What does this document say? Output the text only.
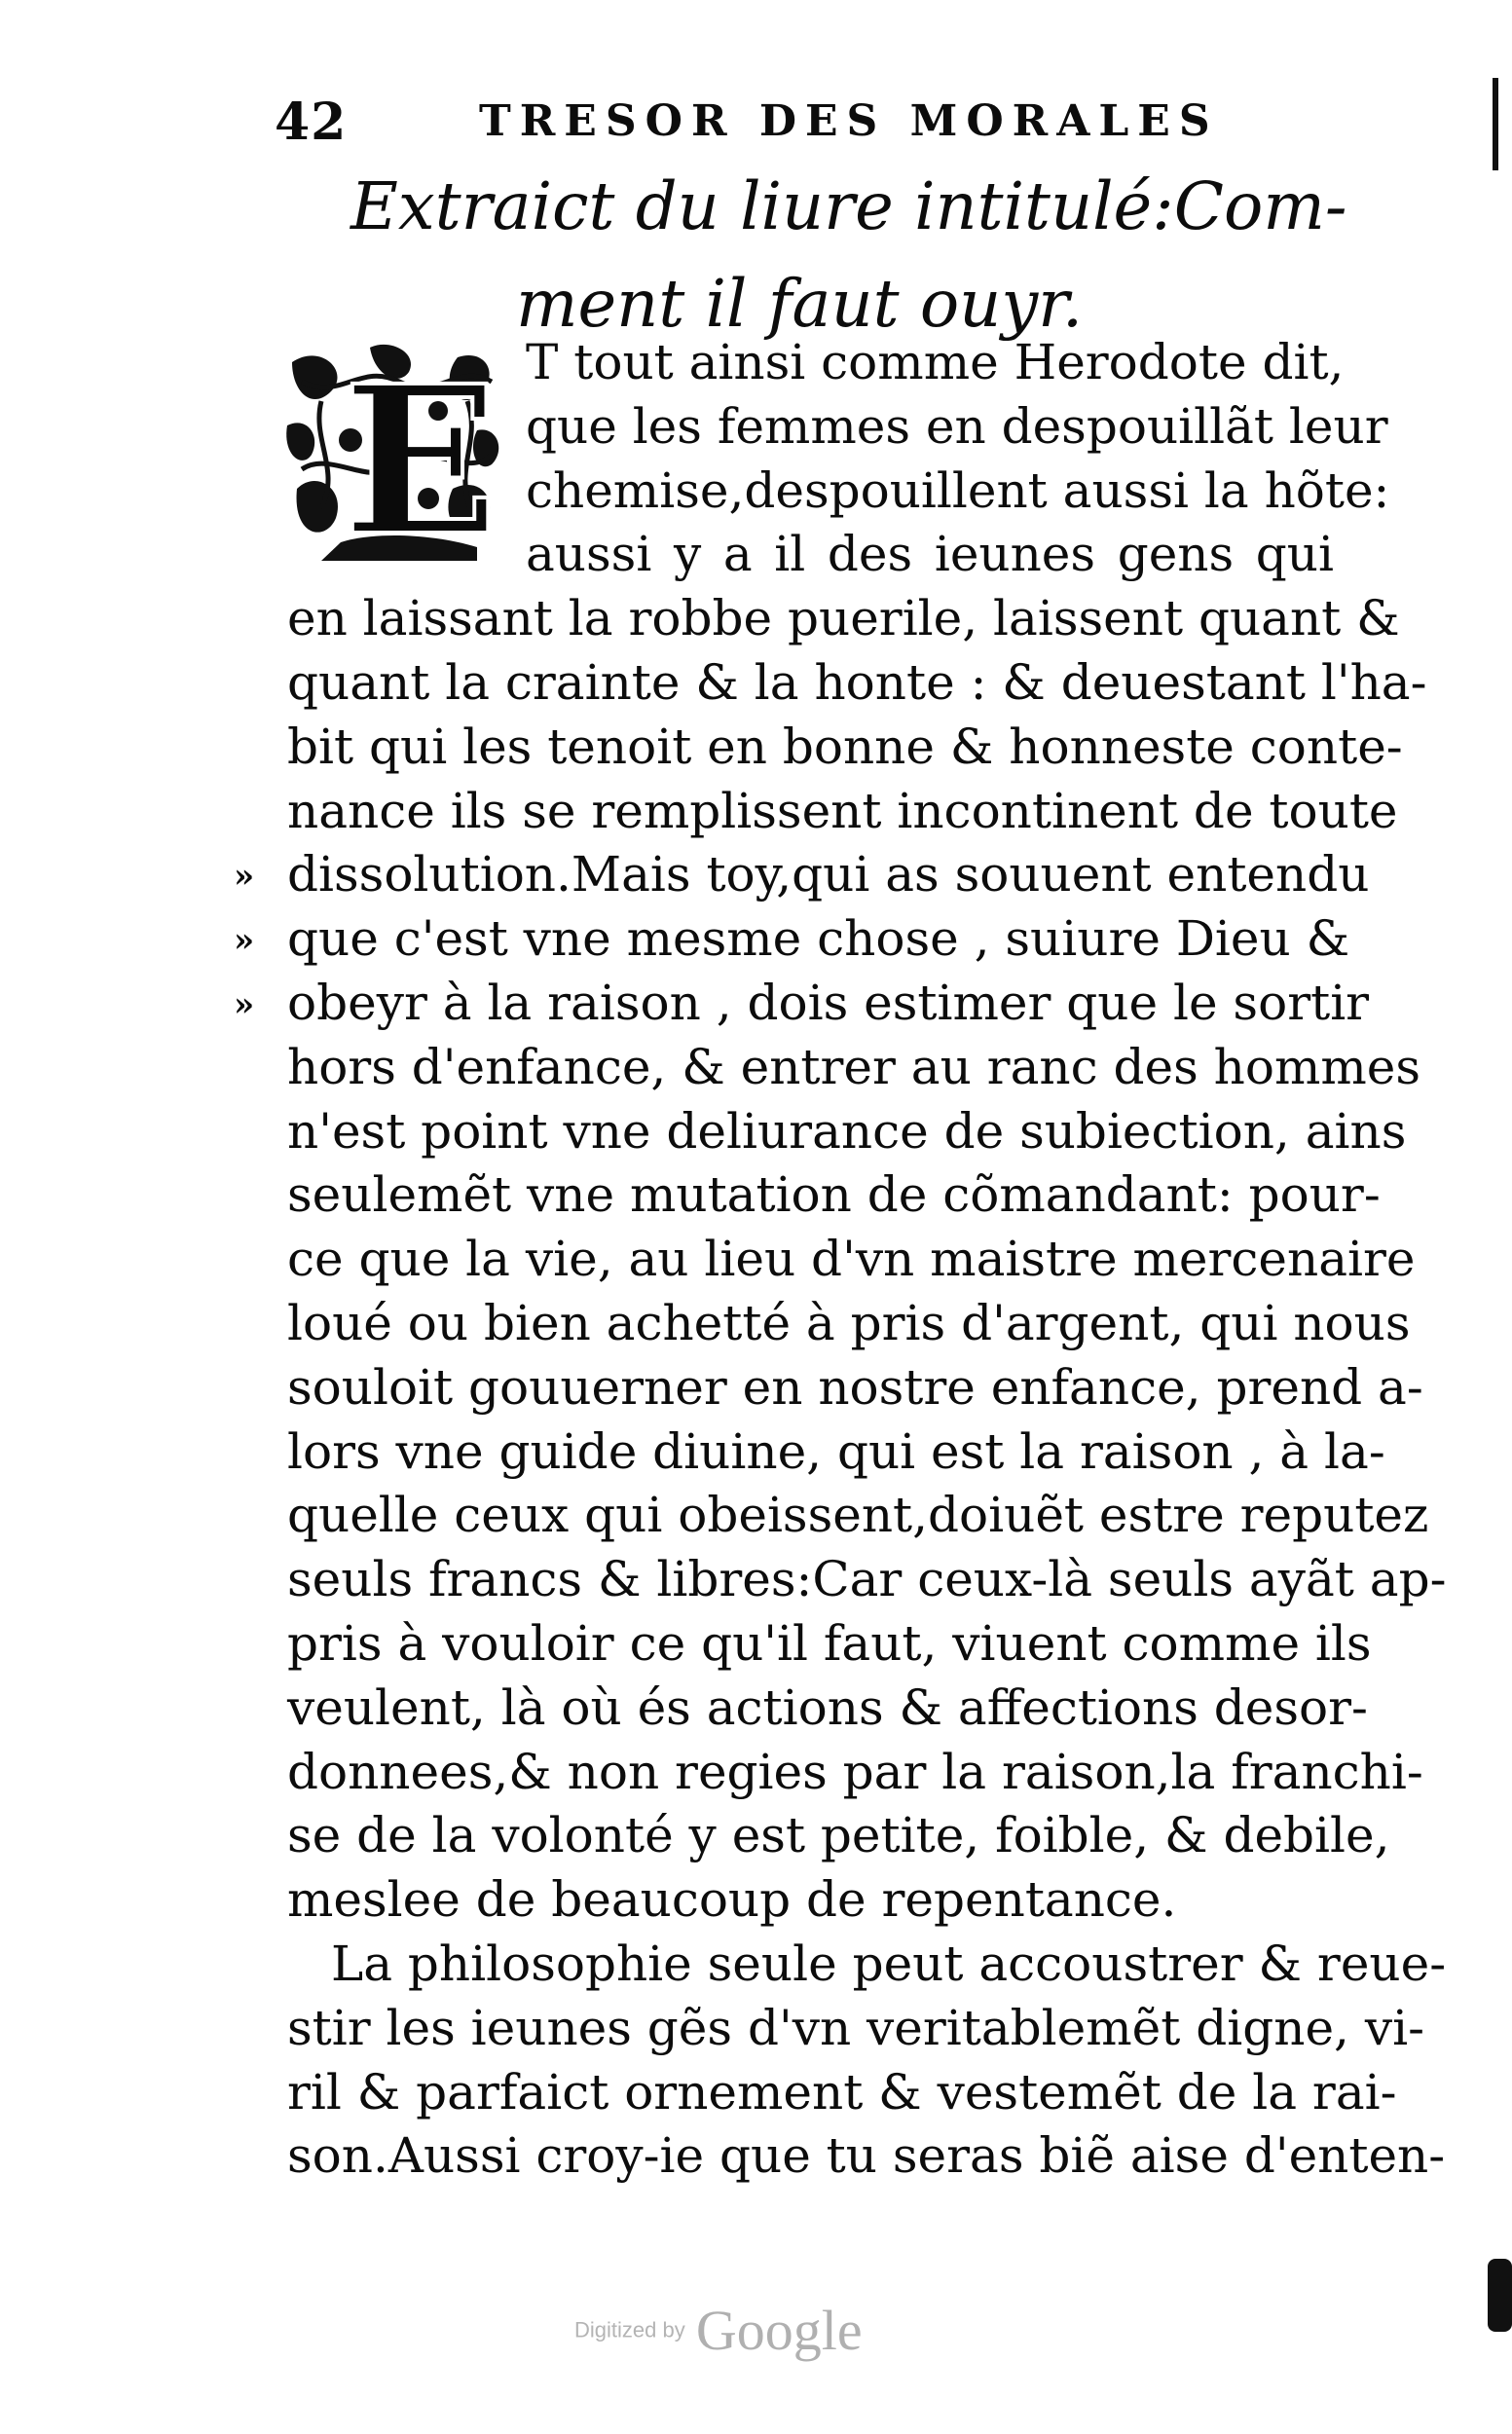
42	TRESOR DES MORALES
Extraict du liure intitulé:Com-
ment il faut ouyr.
T tout ainsi comme Herodote dit,
que les femmes en despouillãt leur
chemise,despouillent aussi la hõte:
aussi y a il des ieunes gens qui
en laissant la robbe puerile, laissent quant &
quant la crainte & la honte : & deuestant l'ha-
bit qui les tenoit en bonne & honneste conte-
nance ils se remplissent incontinent de toute
dissolution.Mais toy,qui as souuent entendu
que c'est vne mesme chose , suiure Dieu &
obeyr à la raison , dois estimer que le sortir
hors d'enfance, & entrer au ranc des hommes
n'est point vne deliurance de subiection, ains
seulemẽt vne mutation de cõmandant: pour-
ce que la vie, au lieu d'vn maistre mercenaire
loué ou bien achetté à pris d'argent, qui nous
souloit gouuerner en nostre enfance, prend a-
lors vne guide diuine, qui est la raison , à la-
quelle ceux qui obeissent,doiuẽt estre reputez
seuls francs & libres:Car ceux-là seuls ayãt ap-
pris à vouloir ce qu'il faut, viuent comme ils
veulent, là où és actions & affections desor-
donnees,& non regies par la raison,la franchi-
se de la volonté y est petite, foible, & debile,
meslee de beaucoup de repentance.
La philosophie seule peut accoustrer & reue-
stir les ieunes gẽs d'vn veritablemẽt digne, vi-
ril & parfaict ornement & vestemẽt de la rai-
son.Aussi croy-ie que tu seras biẽ aise d'enten-
E
»
»
»
Digitized by Google
